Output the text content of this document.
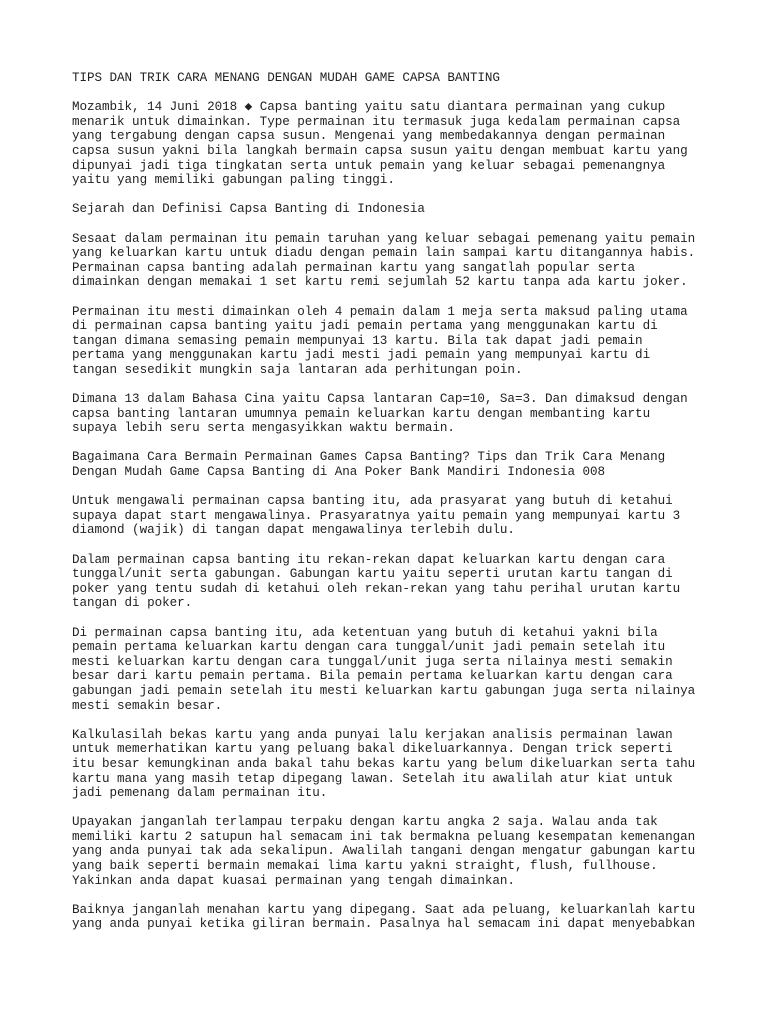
TIPS DAN TRIK CARA MENANG DENGAN MUDAH GAME CAPSA BANTING
Mozambik, 14 Juni 2018 ◆ Capsa banting yaitu satu diantara permainan yang cukup
menarik untuk dimainkan. Type permainan itu termasuk juga kedalam permainan capsa
yang tergabung dengan capsa susun. Mengenai yang membedakannya dengan permainan
capsa susun yakni bila langkah bermain capsa susun yaitu dengan membuat kartu yang
dipunyai jadi tiga tingkatan serta untuk pemain yang keluar sebagai pemenangnya
yaitu yang memiliki gabungan paling tinggi.
Sejarah dan Definisi Capsa Banting di Indonesia
Sesaat dalam permainan itu pemain taruhan yang keluar sebagai pemenang yaitu pemain
yang keluarkan kartu untuk diadu dengan pemain lain sampai kartu ditangannya habis.
Permainan capsa banting adalah permainan kartu yang sangatlah popular serta
dimainkan dengan memakai 1 set kartu remi sejumlah 52 kartu tanpa ada kartu joker.
Permainan itu mesti dimainkan oleh 4 pemain dalam 1 meja serta maksud paling utama
di permainan capsa banting yaitu jadi pemain pertama yang menggunakan kartu di
tangan dimana semasing pemain mempunyai 13 kartu. Bila tak dapat jadi pemain
pertama yang menggunakan kartu jadi mesti jadi pemain yang mempunyai kartu di
tangan sesedikit mungkin saja lantaran ada perhitungan poin.
Dimana 13 dalam Bahasa Cina yaitu Capsa lantaran Cap=10, Sa=3. Dan dimaksud dengan
capsa banting lantaran umumnya pemain keluarkan kartu dengan membanting kartu
supaya lebih seru serta mengasyikkan waktu bermain.
Bagaimana Cara Bermain Permainan Games Capsa Banting? Tips dan Trik Cara Menang
Dengan Mudah Game Capsa Banting di Ana Poker Bank Mandiri Indonesia 008
Untuk mengawali permainan capsa banting itu, ada prasyarat yang butuh di ketahui
supaya dapat start mengawalinya. Prasyaratnya yaitu pemain yang mempunyai kartu 3
diamond (wajik) di tangan dapat mengawalinya terlebih dulu.
Dalam permainan capsa banting itu rekan-rekan dapat keluarkan kartu dengan cara
tunggal/unit serta gabungan. Gabungan kartu yaitu seperti urutan kartu tangan di
poker yang tentu sudah di ketahui oleh rekan-rekan yang tahu perihal urutan kartu
tangan di poker.
Di permainan capsa banting itu, ada ketentuan yang butuh di ketahui yakni bila
pemain pertama keluarkan kartu dengan cara tunggal/unit jadi pemain setelah itu
mesti keluarkan kartu dengan cara tunggal/unit juga serta nilainya mesti semakin
besar dari kartu pemain pertama. Bila pemain pertama keluarkan kartu dengan cara
gabungan jadi pemain setelah itu mesti keluarkan kartu gabungan juga serta nilainya
mesti semakin besar.
Kalkulasilah bekas kartu yang anda punyai lalu kerjakan analisis permainan lawan
untuk memerhatikan kartu yang peluang bakal dikeluarkannya. Dengan trick seperti
itu besar kemungkinan anda bakal tahu bekas kartu yang belum dikeluarkan serta tahu
kartu mana yang masih tetap dipegang lawan. Setelah itu awalilah atur kiat untuk
jadi pemenang dalam permainan itu.
Upayakan janganlah terlampau terpaku dengan kartu angka 2 saja. Walau anda tak
memiliki kartu 2 satupun hal semacam ini tak bermakna peluang kesempatan kemenangan
yang anda punyai tak ada sekalipun. Awalilah tangani dengan mengatur gabungan kartu
yang baik seperti bermain memakai lima kartu yakni straight, flush, fullhouse.
Yakinkan anda dapat kuasai permainan yang tengah dimainkan.
Baiknya janganlah menahan kartu yang dipegang. Saat ada peluang, keluarkanlah kartu
yang anda punyai ketika giliran bermain. Pasalnya hal semacam ini dapat menyebabkan
